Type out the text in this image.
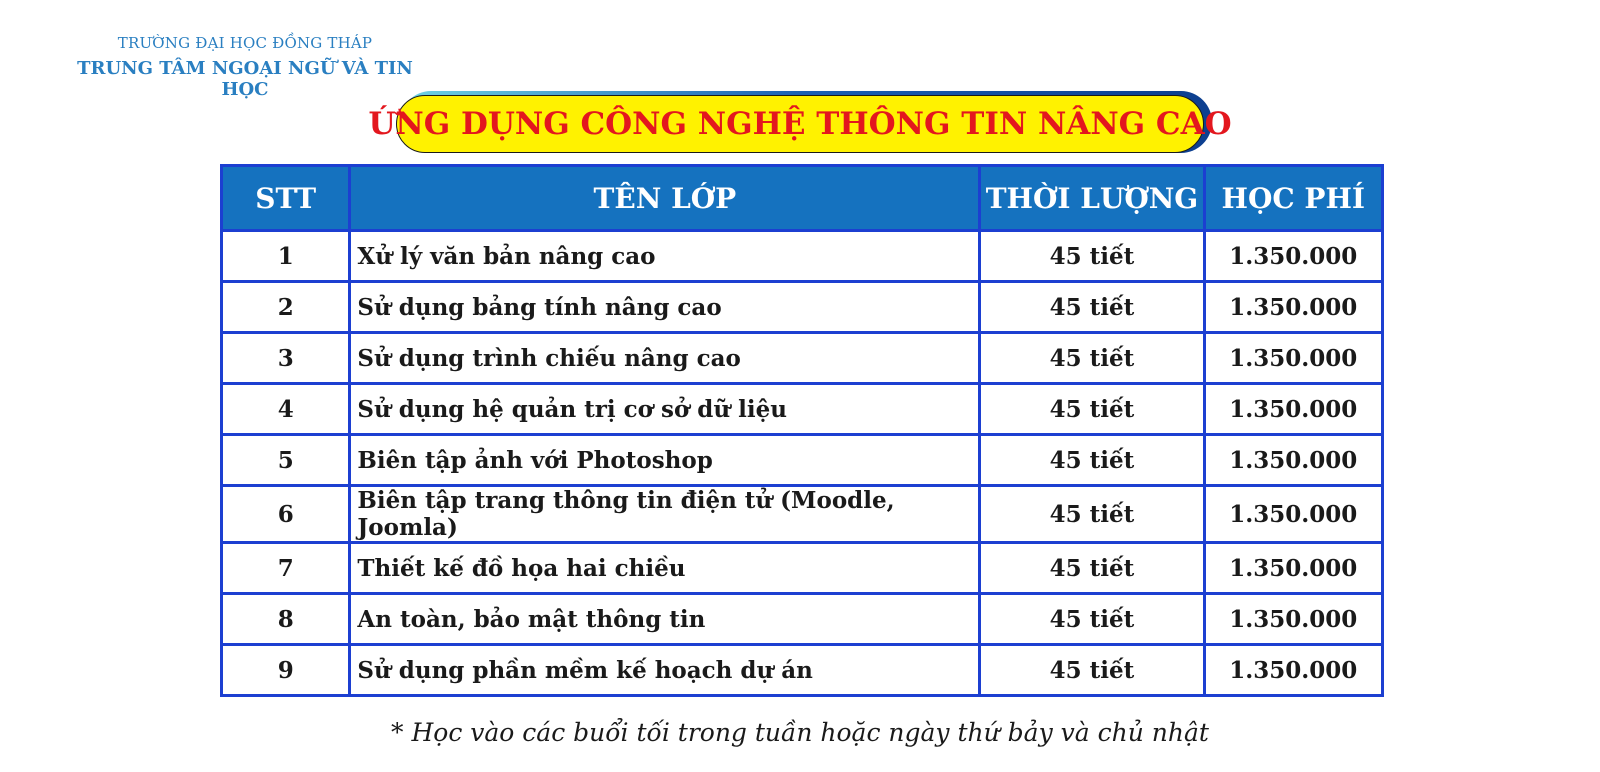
TRƯỜNG ĐẠI HỌC ĐỒNG THÁP
TRUNG TÂM NGOẠI NGỮ VÀ TIN HỌC
ỨNG DỤNG CÔNG NGHỆ THÔNG TIN NÂNG CAO
STT	TÊN LỚP	THỜI LƯỢNG	HỌC PHÍ
1	Xử lý văn bản nâng cao	45 tiết	1.350.000
2	Sử dụng bảng tính nâng cao	45 tiết	1.350.000
3	Sử dụng trình chiếu nâng cao	45 tiết	1.350.000
4	Sử dụng hệ quản trị cơ sở dữ liệu	45 tiết	1.350.000
5	Biên tập ảnh với Photoshop	45 tiết	1.350.000
6	Biên tập trang thông tin điện tử (Moodle, Joomla)	45 tiết	1.350.000
7	Thiết kế đồ họa hai chiều	45 tiết	1.350.000
8	An toàn, bảo mật thông tin	45 tiết	1.350.000
9	Sử dụng phần mềm kế hoạch dự án	45 tiết	1.350.000
* Học vào các buổi tối trong tuần hoặc ngày thứ bảy và chủ nhật
